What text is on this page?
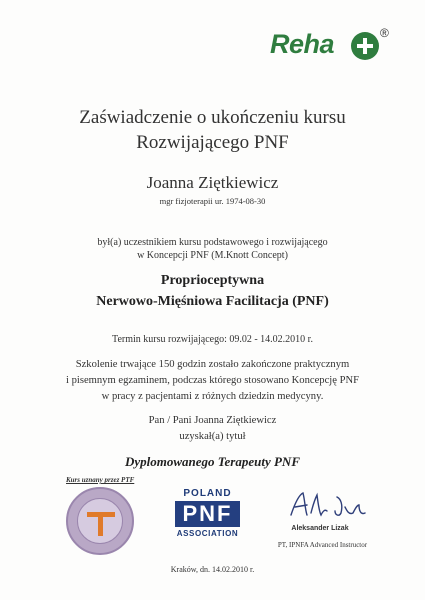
Reha	®
Zaświadczenie o ukończeniu kursu
Rozwijającego PNF
Joanna Ziętkiewicz
mgr fizjoterapii ur. 1974-08-30
był(a) uczestnikiem kursu podstawowego i rozwijającego
w Koncepcji PNF (M.Knott Concept)
Proprioceptywna
Nerwowo-Mięśniowa Facilitacja (PNF)
Termin kursu rozwijającego: 09.02 - 14.02.2010 r.
Szkolenie trwające 150 godzin zostało zakończone praktycznym
i pisemnym egzaminem, podczas którego stosowano Koncepcję PNF
w pracy z pacjentami z różnych dziedzin medycyny.
Pan / Pani Joanna Ziętkiewicz
uzyskał(a) tytuł
Dyplomowanego Terapeuty PNF
Kurs uznany przez PTF
POLAND
PNF
ASSOCIATION
Aleksander Lizak
PT, IPNFA Advanced Instructor
Kraków, dn. 14.02.2010 r.
